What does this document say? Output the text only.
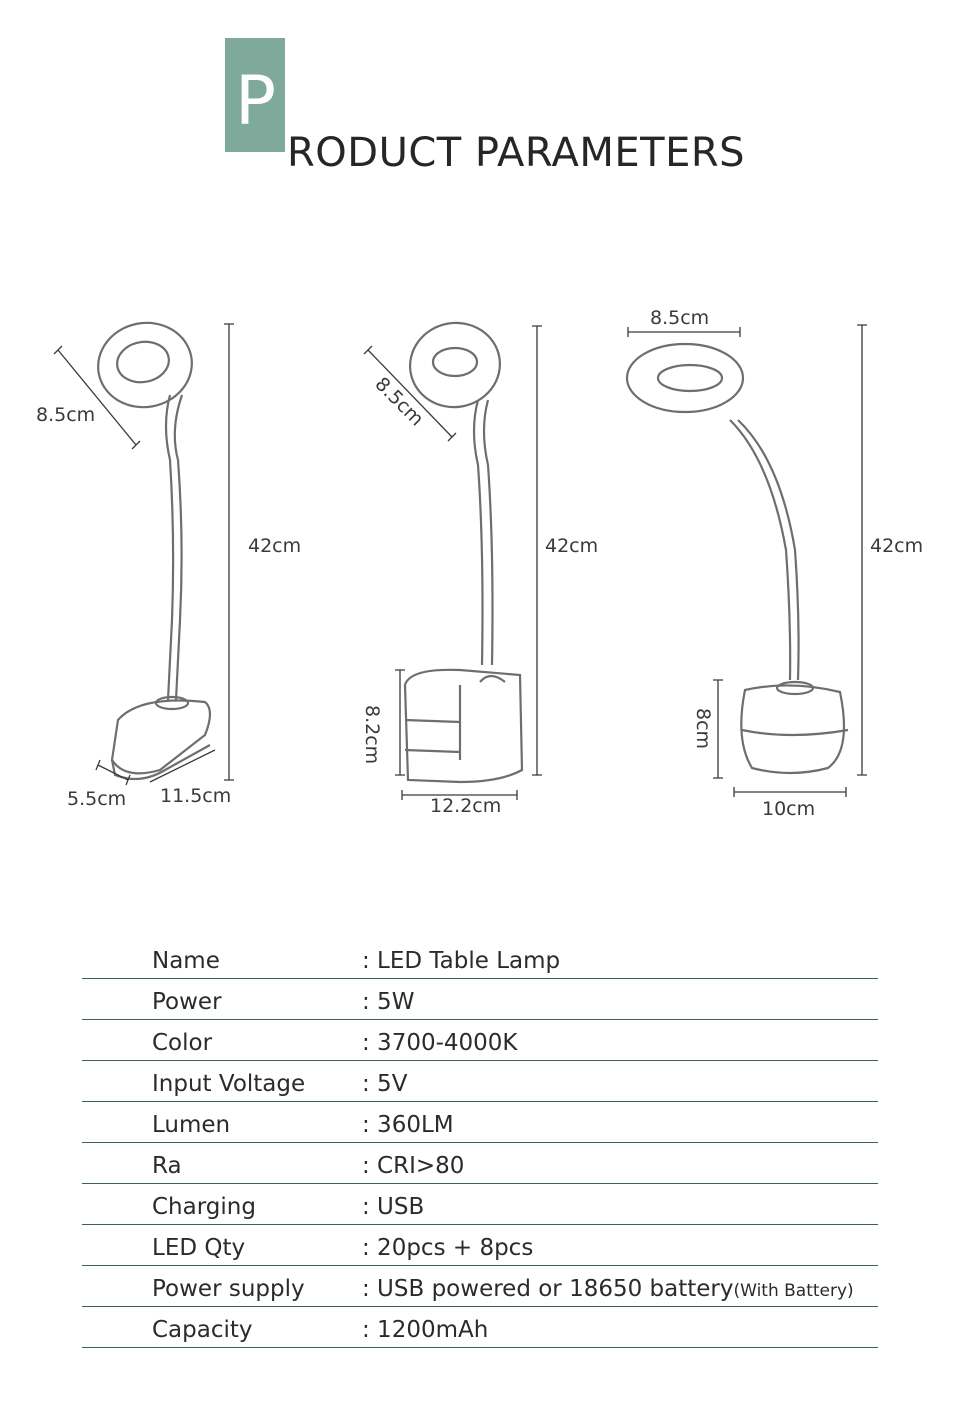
P
RODUCT PARAMETERS
8.5cm
42cm
5.5cm 11.5cm
8.5cm
42cm
8.2cm
12.2cm
8.5cm
42cm
8cm
10cm
Name	: LED Table Lamp
Power	: 5W
Color	: 3700-4000K
Input Voltage : 5V
Lumen	: 360LM
Ra	: CRI>80
Charging	: USB
LED Qty	: 20pcs + 8pcs
Power supply : USB powered or 18650 battery(With Battery)
Capacity	: 1200mAh
